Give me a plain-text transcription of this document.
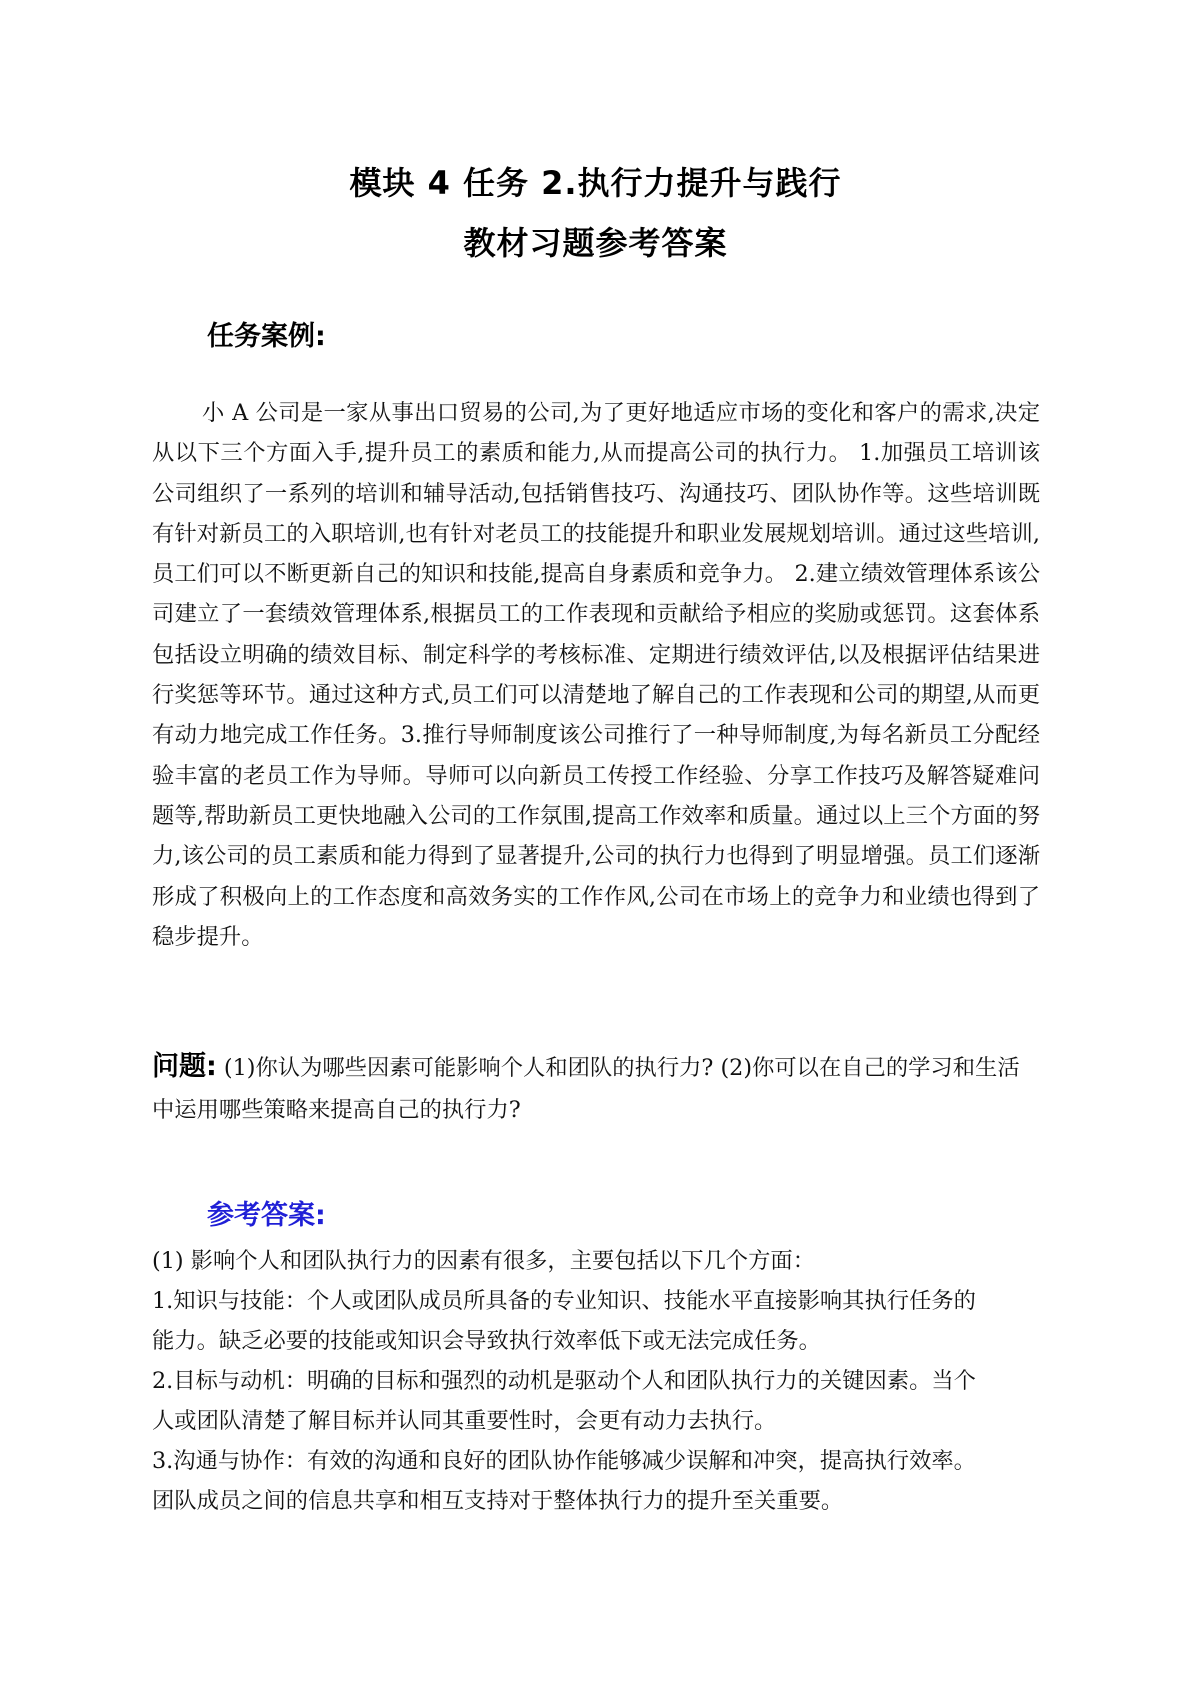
模块 4 任务 2.执行力提升与践行
教材习题参考答案
任务案例:

小 A 公司是一家从事出口贸易的公司,为了更好地适应市场的变化和客户的需求,决定从以下三个方面入手,提升员工的素质和能力,从而提高公司的执行力。 1.加强员工培训该公司组织了一系列的培训和辅导活动,包括销售技巧、沟通技巧、团队协作等。这些培训既有针对新员工的入职培训,也有针对老员工的技能提升和职业发展规划培训。通过这些培训,员工们可以不断更新自己的知识和技能,提高自身素质和竞争力。 2.建立绩效管理体系该公司建立了一套绩效管理体系,根据员工的工作表现和贡献给予相应的奖励或惩罚。这套体系包括设立明确的绩效目标、制定科学的考核标准、定期进行绩效评估,以及根据评估结果进行奖惩等环节。通过这种方式,员工们可以清楚地了解自己的工作表现和公司的期望,从而更有动力地完成工作任务。3.推行导师制度该公司推行了一种导师制度,为每名新员工分配经验丰富的老员工作为导师。导师可以向新员工传授工作经验、分享工作技巧及解答疑难问题等,帮助新员工更快地融入公司的工作氛围,提高工作效率和质量。通过以上三个方面的努力,该公司的员工素质和能力得到了显著提升,公司的执行力也得到了明显增强。员工们逐渐形成了积极向上的工作态度和高效务实的工作作风,公司在市场上的竞争力和业绩也得到了稳步提升。

问题: (1)你认为哪些因素可能影响个人和团队的执行力? (2)你可以在自己的学习和生活中运用哪些策略来提高自己的执行力?

参考答案:

(1) 影响个人和团队执行力的因素有很多，主要包括以下几个方面：

1.知识与技能：个人或团队成员所具备的专业知识、技能水平直接影响其执行任务的

能力。缺乏必要的技能或知识会导致执行效率低下或无法完成任务。

2.目标与动机：明确的目标和强烈的动机是驱动个人和团队执行力的关键因素。当个

人或团队清楚了解目标并认同其重要性时，会更有动力去执行。

3.沟通与协作：有效的沟通和良好的团队协作能够减少误解和冲突，提高执行效率。

团队成员之间的信息共享和相互支持对于整体执行力的提升至关重要。
